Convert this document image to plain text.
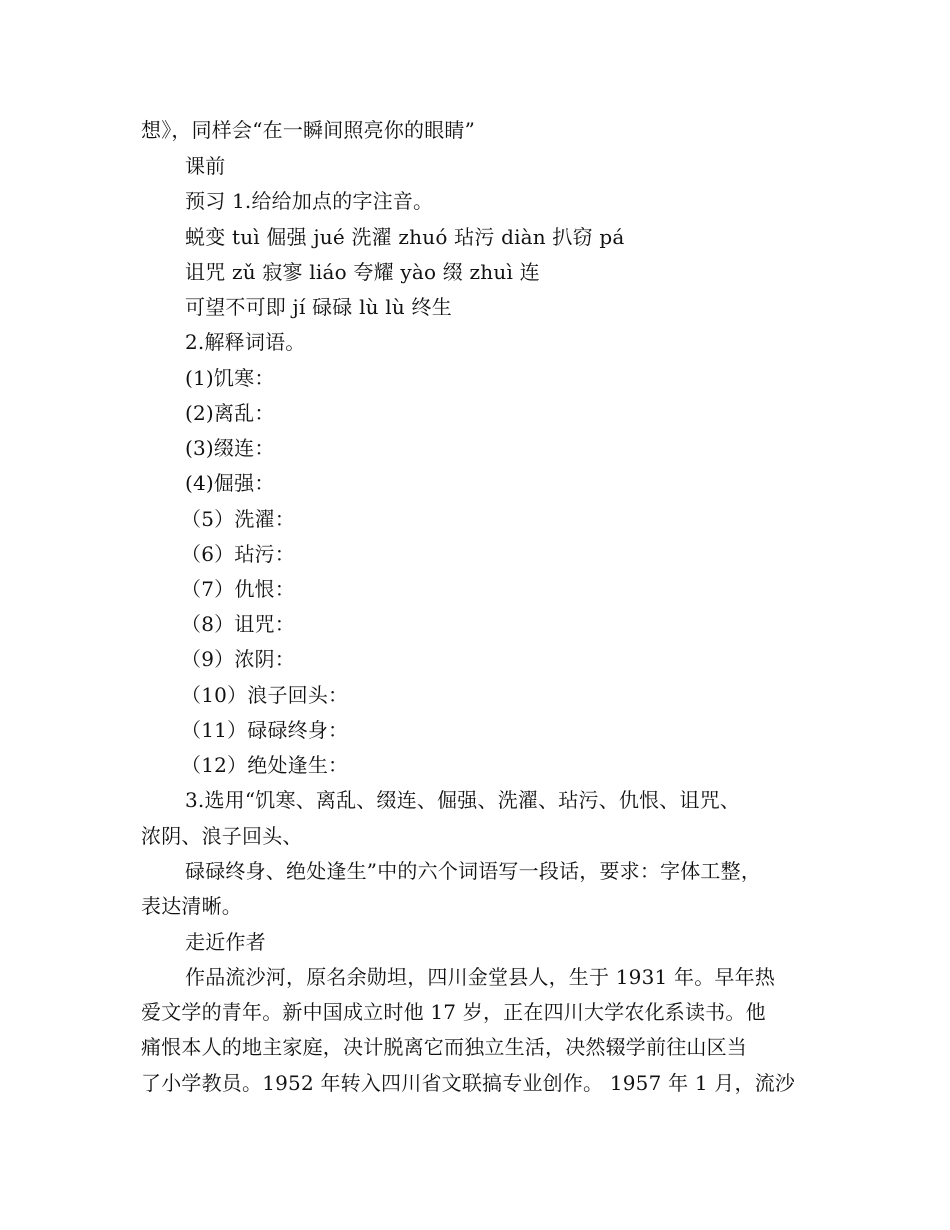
想》，同样会“在一瞬间照亮你的眼睛”
课前
预习 1.给给加点的字注音。
蜕变 tuì 倔强 jué 洗濯 zhuó 玷污 diàn 扒窃 pá
诅咒 zǔ 寂寥 liáo 夸耀 yào 缀 zhuì 连
可望不可即 jí 碌碌 lù lù 终生
2.解释词语。
(1)饥寒：
(2)离乱：
(3)缀连：
(4)倔强：
（5）洗濯：
（6）玷污：
（7）仇恨：
（8）诅咒：
（9）浓阴：
（10）浪子回头：
（11）碌碌终身：
（12）绝处逢生：
3.选用“饥寒、离乱、缀连、倔强、洗濯、玷污、仇恨、诅咒、
浓阴、浪子回头、
碌碌终身、绝处逢生”中的六个词语写一段话，要求：字体工整，
表达清晰。
走近作者
作品流沙河，原名余勋坦，四川金堂县人，生于 1931 年。早年热
爱文学的青年。新中国成立时他 17 岁，正在四川大学农化系读书。他
痛恨本人的地主家庭，决计脱离它而独立生活，决然辍学前往山区当
了小学教员。1952 年转入四川省文联搞专业创作。 1957 年 1 月，流沙
